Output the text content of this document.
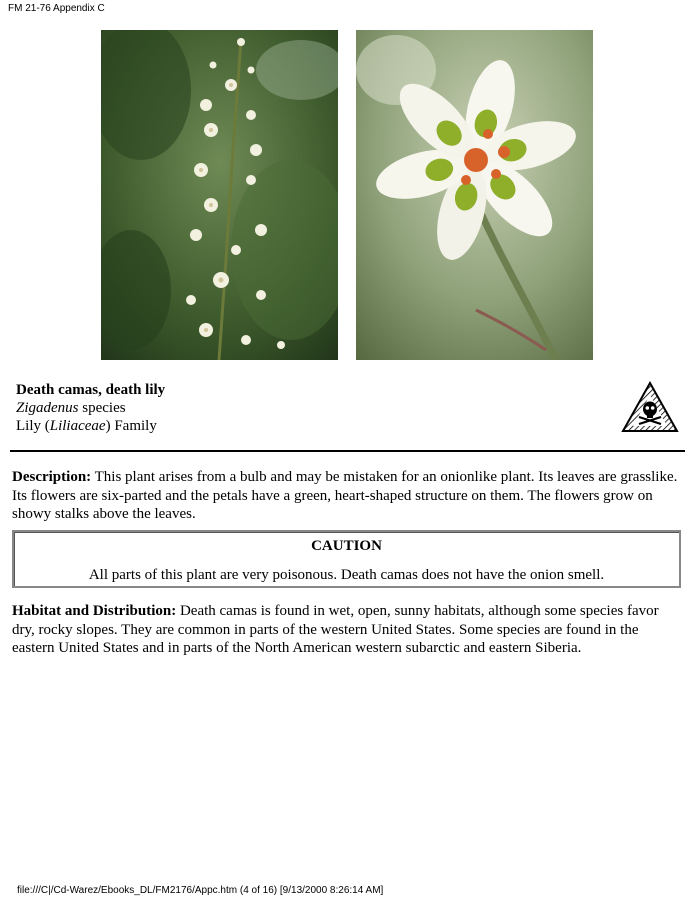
FM 21-76 Appendix C
Death camas, death lily
Zigadenus species
Lily (Liliaceae) Family
Description: This plant arises from a bulb and may be mistaken for an onionlike plant. Its leaves are grasslike. Its flowers are six-parted and the petals have a green, heart-shaped structure on them. The flowers grow on showy stalks above the leaves.
CAUTION
All parts of this plant are very poisonous. Death camas does not have the onion smell.
Habitat and Distribution: Death camas is found in wet, open, sunny habitats, although some species favor dry, rocky slopes. They are common in parts of the western United States. Some species are found in the eastern United States and in parts of the North American western subarctic and eastern Siberia.
file:///C|/Cd-Warez/Ebooks_DL/FM2176/Appc.htm (4 of 16) [9/13/2000 8:26:14 AM]
